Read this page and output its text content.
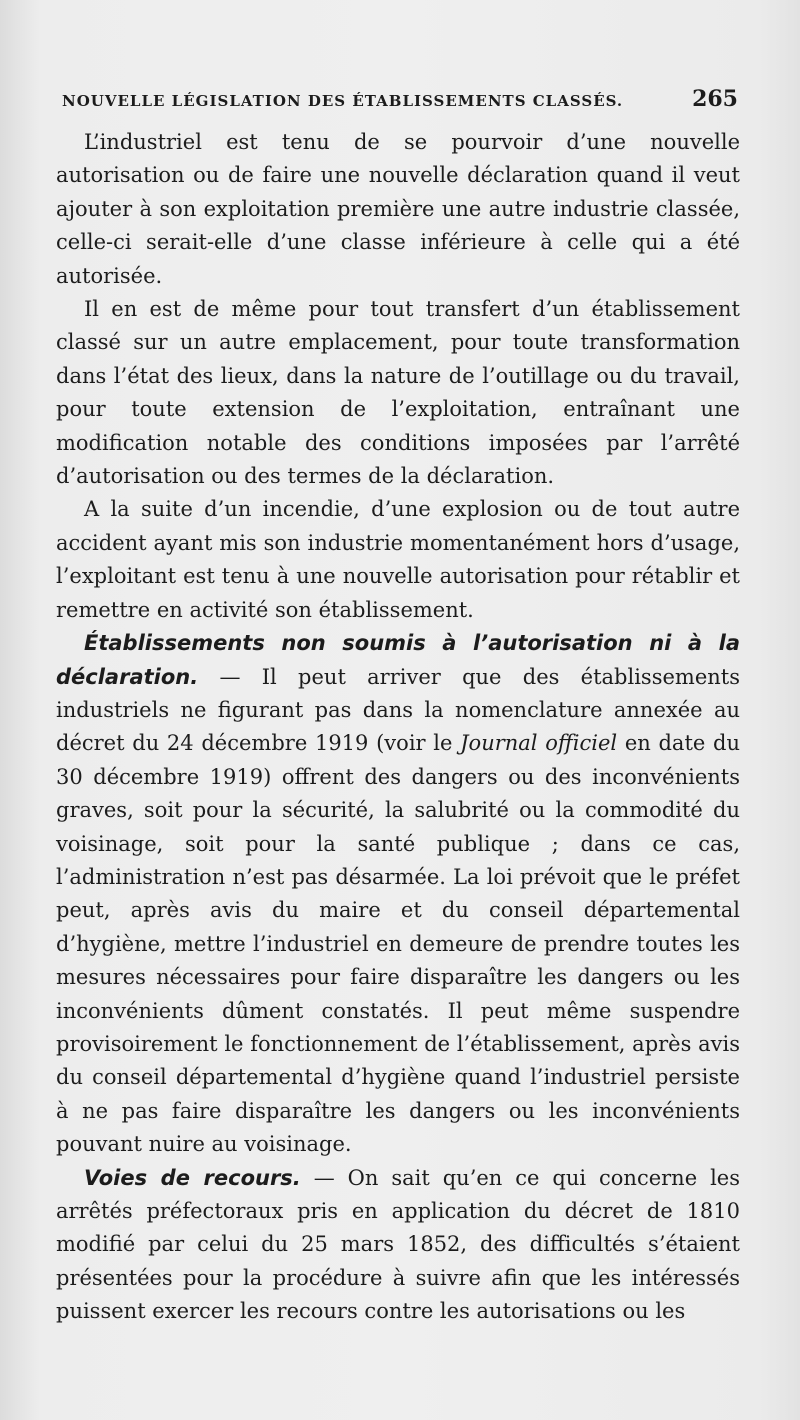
NOUVELLE LÉGISLATION DES ÉTABLISSEMENTS CLASSÉS.	265

L’industriel est tenu de se pourvoir d’une nouvelle autorisation ou de faire une nouvelle déclaration quand il veut ajouter à son exploitation première une autre industrie classée, celle-ci serait-elle d’une classe inférieure à celle qui a été autorisée.

Il en est de même pour tout transfert d’un établissement classé sur un autre emplacement, pour toute transformation dans l’état des lieux, dans la nature de l’outillage ou du travail, pour toute extension de l’exploitation, entraînant une modification notable des conditions imposées par l’arrêté d’autorisation ou des termes de la déclaration.

A la suite d’un incendie, d’une explosion ou de tout autre accident ayant mis son industrie momentanément hors d’usage, l’exploitant est tenu à une nouvelle autorisation pour rétablir et remettre en activité son établissement.

Établissements non soumis à l’autorisation ni à la déclaration. — Il peut arriver que des établissements industriels ne figurant pas dans la nomenclature annexée au décret du 24 décembre 1919 (voir le Journal officiel en date du 30 décembre 1919) offrent des dangers ou des inconvénients graves, soit pour la sécurité, la salubrité ou la commodité du voisinage, soit pour la santé publique ; dans ce cas, l’administration n’est pas désarmée. La loi prévoit que le préfet peut, après avis du maire et du conseil départemental d’hygiène, mettre l’industriel en demeure de prendre toutes les mesures nécessaires pour faire disparaître les dangers ou les inconvénients dûment constatés. Il peut même suspendre provisoirement le fonctionnement de l’établissement, après avis du conseil départemental d’hygiène quand l’industriel persiste à ne pas faire disparaître les dangers ou les inconvénients pouvant nuire au voisinage.

Voies de recours. — On sait qu’en ce qui concerne les arrêtés préfectoraux pris en application du décret de 1810 modifié par celui du 25 mars 1852, des difficultés s’étaient présentées pour la procédure à suivre afin que les intéressés puissent exercer les recours contre les autorisations ou les
